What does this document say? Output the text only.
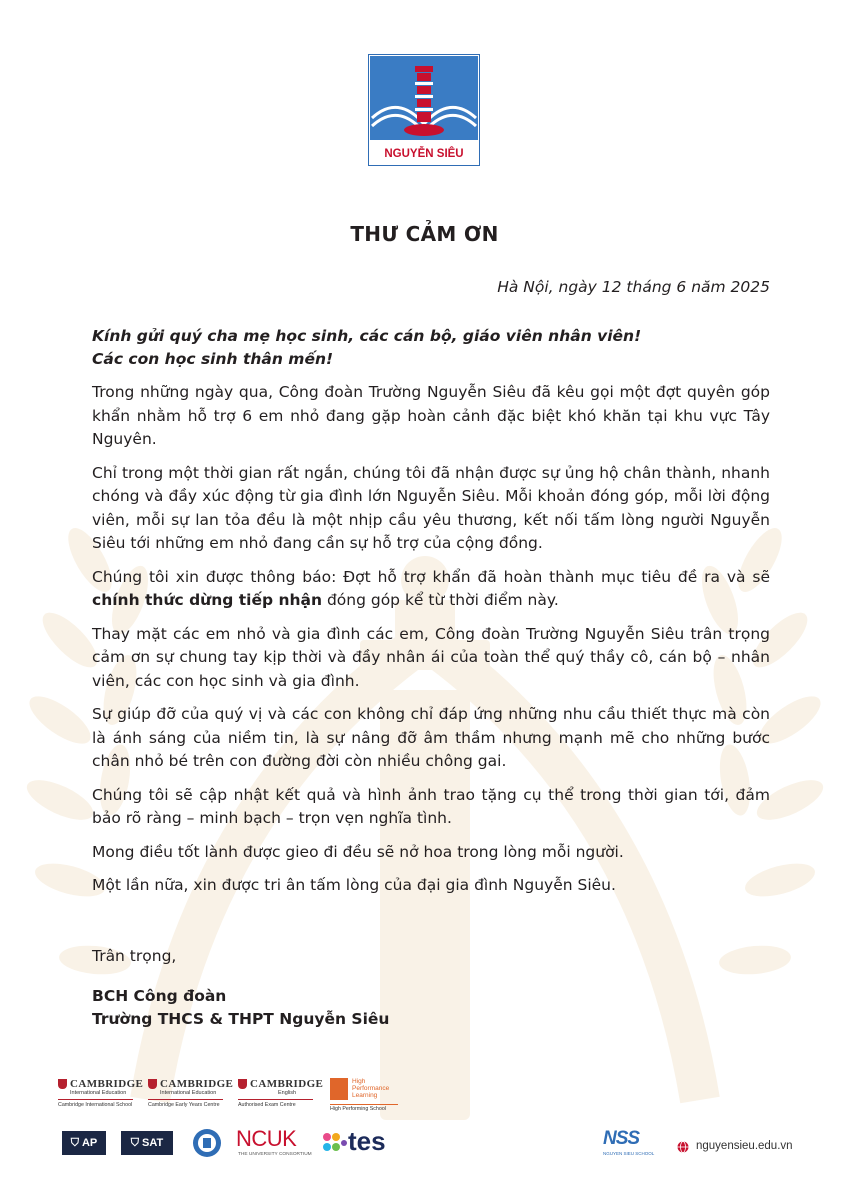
NGUYỄN SIÊU
THƯ CẢM ƠN
Hà Nội, ngày 12 tháng 6 năm 2025
Kính gửi quý cha mẹ học sinh, các cán bộ, giáo viên nhân viên!
Các con học sinh thân mến!

Trong những ngày qua, Công đoàn Trường Nguyễn Siêu đã kêu gọi một đợt quyên góp khẩn nhằm hỗ trợ 6 em nhỏ đang gặp hoàn cảnh đặc biệt khó khăn tại khu vực Tây Nguyên.

Chỉ trong một thời gian rất ngắn, chúng tôi đã nhận được sự ủng hộ chân thành, nhanh chóng và đầy xúc động từ gia đình lớn Nguyễn Siêu. Mỗi khoản đóng góp, mỗi lời động viên, mỗi sự lan tỏa đều là một nhịp cầu yêu thương, kết nối tấm lòng người Nguyễn Siêu tới những em nhỏ đang cần sự hỗ trợ của cộng đồng.

Chúng tôi xin được thông báo: Đợt hỗ trợ khẩn đã hoàn thành mục tiêu đề ra và sẽ chính thức dừng tiếp nhận đóng góp kể từ thời điểm này.

Thay mặt các em nhỏ và gia đình các em, Công đoàn Trường Nguyễn Siêu trân trọng cảm ơn sự chung tay kịp thời và đầy nhân ái của toàn thể quý thầy cô, cán bộ – nhân viên, các con học sinh và gia đình.

Sự giúp đỡ của quý vị và các con không chỉ đáp ứng những nhu cầu thiết thực mà còn là ánh sáng của niềm tin, là sự nâng đỡ âm thầm nhưng mạnh mẽ cho những bước chân nhỏ bé trên con đường đời còn nhiều chông gai.

Chúng tôi sẽ cập nhật kết quả và hình ảnh trao tặng cụ thể trong thời gian tới, đảm bảo rõ ràng – minh bạch – trọn vẹn nghĩa tình.

Mong điều tốt lành được gieo đi đều sẽ nở hoa trong lòng mỗi người.

Một lần nữa, xin được tri ân tấm lòng của đại gia đình Nguyễn Siêu.

Trân trọng,
BCH Công đoàn
Trường THCS & THPT Nguyễn Siêu
CAMBRIDGE
International Education
Cambridge International School
CAMBRIDGE
International Education
Cambridge Early Years Centre
CAMBRIDGE
English
Authorised Exam Centre
High
Performance
Learning
High Performing School
⛉ AP	⛉ SAT	NCUK
THE UNIVERSITY CONSORTIUM tes	NSS
NGUYEN SIEU SCHOOL
nguyensieu.edu.vn
